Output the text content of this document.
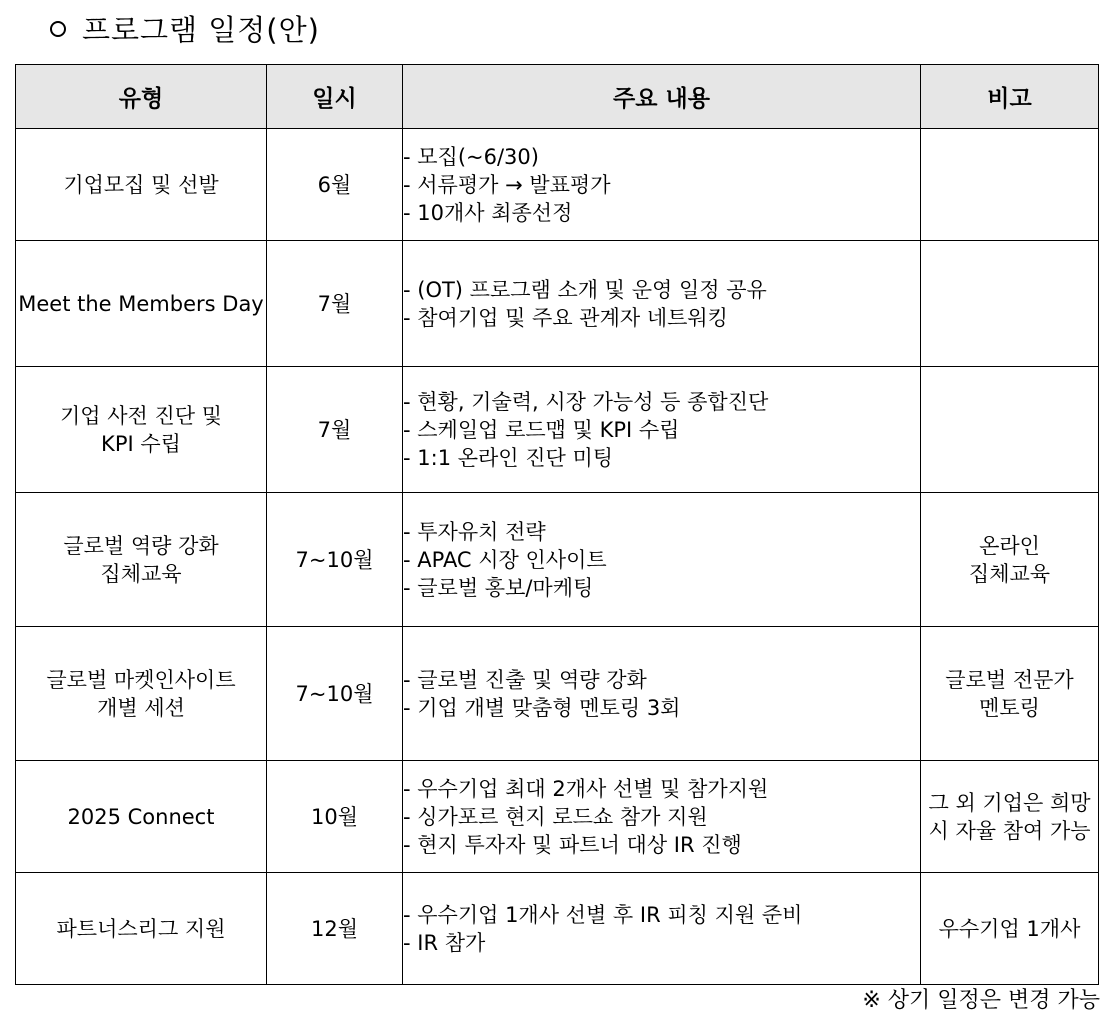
프로그램 일정(안)
유형	일시	주요 내용	비고

기업모집 및 선발	6월	- 모집(~6/30)
- 서류평가 → 발표평가
- 10개사 최종선정	

Meet the Members Day	7월	- (OT) 프로그램 소개 및 운영 일정 공유
- 참여기업 및 주요 관계자 네트워킹	

기업 사전 진단 및
KPI 수립	7월	- 현황, 기술력, 시장 가능성 등 종합진단
- 스케일업 로드맵 및 KPI 수립
- 1:1 온라인 진단 미팅	

글로벌 역량 강화
집체교육	7~10월	- 투자유치 전략
- APAC 시장 인사이트
- 글로벌 홍보/마케팅	온라인
집체교육

글로벌 마켓인사이트
개별 세션	7~10월	- 글로벌 진출 및 역량 강화
- 기업 개별 맞춤형 멘토링 3회	글로벌 전문가
멘토링

2025 Connect	10월	- 우수기업 최대 2개사 선별 및 참가지원
- 싱가포르 현지 로드쇼 참가 지원
- 현지 투자자 및 파트너 대상 IR 진행	그 외 기업은 희망
시 자율 참여 가능

파트너스리그 지원	12월	- 우수기업 1개사 선별 후 IR 피칭 지원 준비
- IR 참가	우수기업 1개사
※ 상기 일정은 변경 가능
